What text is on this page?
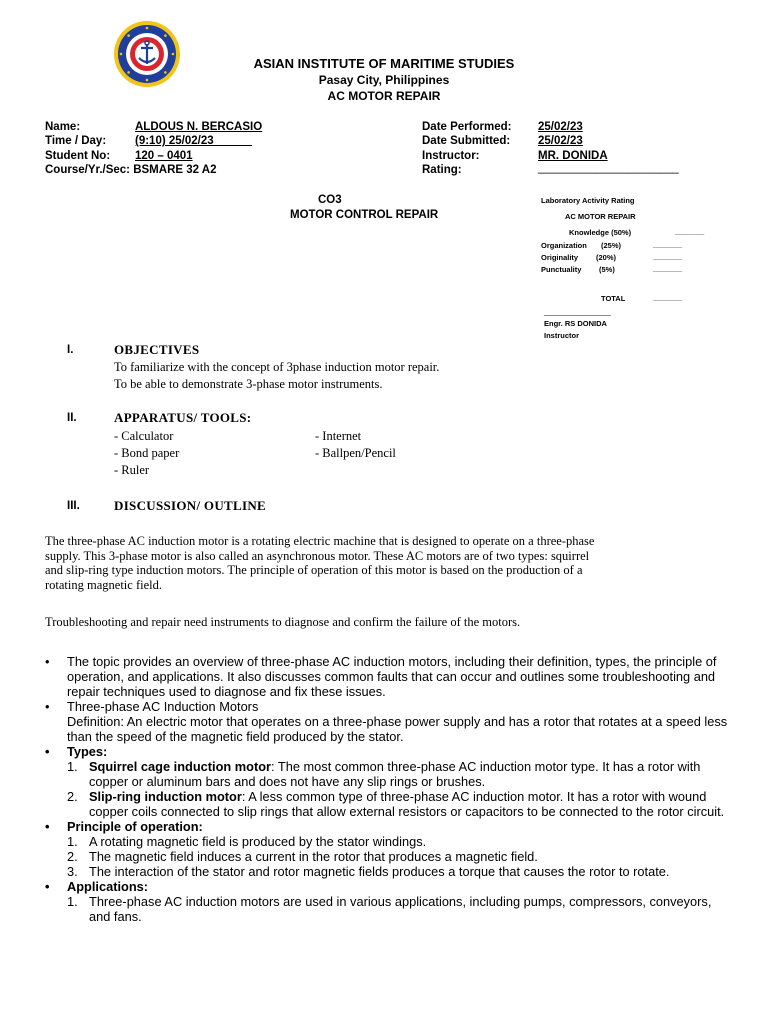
ASIAN INSTITUTE OF MARITIME STUDIES
Pasay City, Philippines
AC MOTOR REPAIR
Name:	ALDOUS N. BERCASIO
Time / Day:	(9:10) 25/02/23______
Student No: 120 – 0401
Course/Yr./Sec: BSMARE 32 A2
Date Performed: 25/02/23
Date Submitted: 25/02/23
Instructor:	MR. DONIDA
Rating:	______________________
CO3
MOTOR CONTROL REPAIR
Laboratory Activity Rating
AC MOTOR REPAIR
Knowledge (50%)	_______
Organization (25%)	_______
Originality (20%)	_______
Punctuality (5%)	_______
TOTAL	_______
________________
Engr. RS DONIDA
Instructor
I.	OBJECTIVES
To familiarize with the concept of 3phase induction motor repair.
To be able to demonstrate 3-phase motor instruments.
II.	APPARATUS/ TOOLS:
- Calculator
- Bond paper
- Ruler
- Internet
- Ballpen/Pencil
III.	DISCUSSION/ OUTLINE
The three-phase AC induction motor is a rotating electric machine that is designed to operate on a three-phase
supply. This 3-phase motor is also called an asynchronous motor. These AC motors are of two types: squirrel
and slip-ring type induction motors. The principle of operation of this motor is based on the production of a
rotating magnetic field.
Troubleshooting and repair need instruments to diagnose and confirm the failure of the motors.
• The topic provides an overview of three-phase AC induction motors, including their definition, types, the principle of operation, and applications. It also discusses common faults that can occur and outlines some troubleshooting and repair techniques used to diagnose and fix these issues.
• Three-phase AC Induction Motors
Definition: An electric motor that operates on a three-phase power supply and has a rotor that rotates at a speed less than the speed of the magnetic field produced by the stator.
• Types:
1. Squirrel cage induction motor: The most common three-phase AC induction motor type. It has a rotor with copper or aluminum bars and does not have any slip rings or brushes.
2. Slip-ring induction motor: A less common type of three-phase AC induction motor. It has a rotor with wound copper coils connected to slip rings that allow external resistors or capacitors to be connected to the rotor circuit.
• Principle of operation:
1. A rotating magnetic field is produced by the stator windings.
2. The magnetic field induces a current in the rotor that produces a magnetic field.
3. The interaction of the stator and rotor magnetic fields produces a torque that causes the rotor to rotate.
• Applications:
1. Three-phase AC induction motors are used in various applications, including pumps, compressors, conveyors, and fans.
